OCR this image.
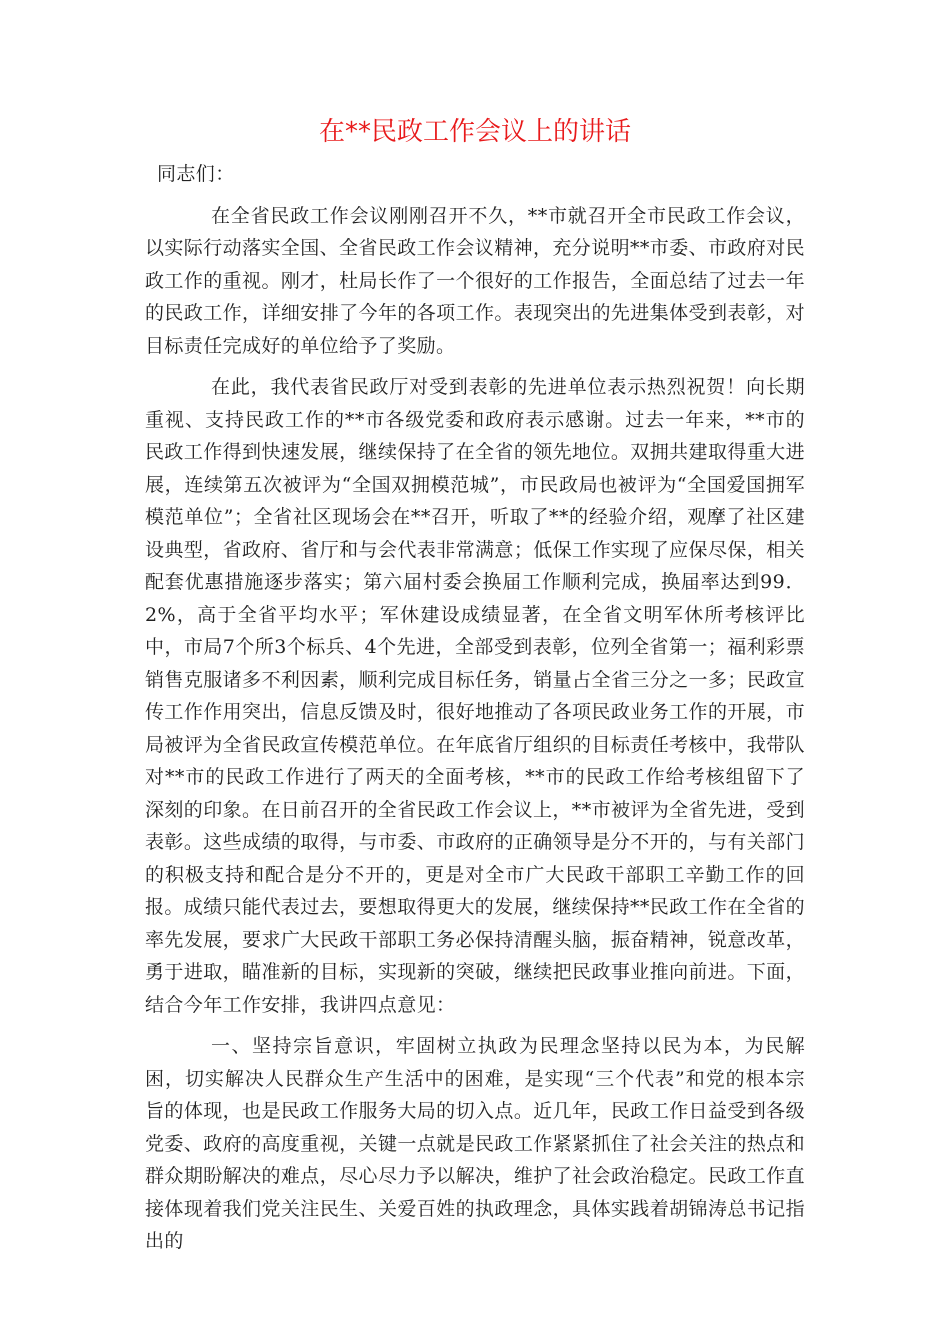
在**民政工作会议上的讲话

同志们：

在全省民政工作会议刚刚召开不久，**市就召开全市民政工作会议，以实际行动落实全国、全省民政工作会议精神，充分说明**市委、市政府对民政工作的重视。刚才，杜局长作了一个很好的工作报告，全面总结了过去一年的民政工作，详细安排了今年的各项工作。表现突出的先进集体受到表彰，对目标责任完成好的单位给予了奖励。

在此，我代表省民政厅对受到表彰的先进单位表示热烈祝贺！向长期重视、支持民政工作的**市各级党委和政府表示感谢。过去一年来，**市的民政工作得到快速发展，继续保持了在全省的领先地位。双拥共建取得重大进展，连续第五次被评为“全国双拥模范城”，市民政局也被评为“全国爱国拥军模范单位”；全省社区现场会在**召开，听取了**的经验介绍，观摩了社区建设典型，省政府、省厅和与会代表非常满意；低保工作实现了应保尽保，相关配套优惠措施逐步落实；第六届村委会换届工作顺利完成，换届率达到99．2%，高于全省平均水平；军休建设成绩显著，在全省文明军休所考核评比中，市局7个所3个标兵、4个先进，全部受到表彰，位列全省第一；福利彩票销售克服诸多不利因素，顺利完成目标任务，销量占全省三分之一多；民政宣传工作作用突出，信息反馈及时，很好地推动了各项民政业务工作的开展，市局被评为全省民政宣传模范单位。在年底省厅组织的目标责任考核中，我带队对**市的民政工作进行了两天的全面考核，**市的民政工作给考核组留下了深刻的印象。在日前召开的全省民政工作会议上，**市被评为全省先进，受到表彰。这些成绩的取得，与市委、市政府的正确领导是分不开的，与有关部门的积极支持和配合是分不开的，更是对全市广大民政干部职工辛勤工作的回报。成绩只能代表过去，要想取得更大的发展，继续保持**民政工作在全省的率先发展，要求广大民政干部职工务必保持清醒头脑，振奋精神，锐意改革，勇于进取，瞄准新的目标，实现新的突破，继续把民政事业推向前进。下面，结合今年工作安排，我讲四点意见：

一、坚持宗旨意识，牢固树立执政为民理念坚持以民为本，为民解困，切实解决人民群众生产生活中的困难，是实现“三个代表”和党的根本宗旨的体现，也是民政工作服务大局的切入点。近几年，民政工作日益受到各级党委、政府的高度重视，关键一点就是民政工作紧紧抓住了社会关注的热点和群众期盼解决的难点，尽心尽力予以解决，维护了社会政治稳定。民政工作直接体现着我们党关注民生、关爱百姓的执政理念，具体实践着胡锦涛总书记指出的
